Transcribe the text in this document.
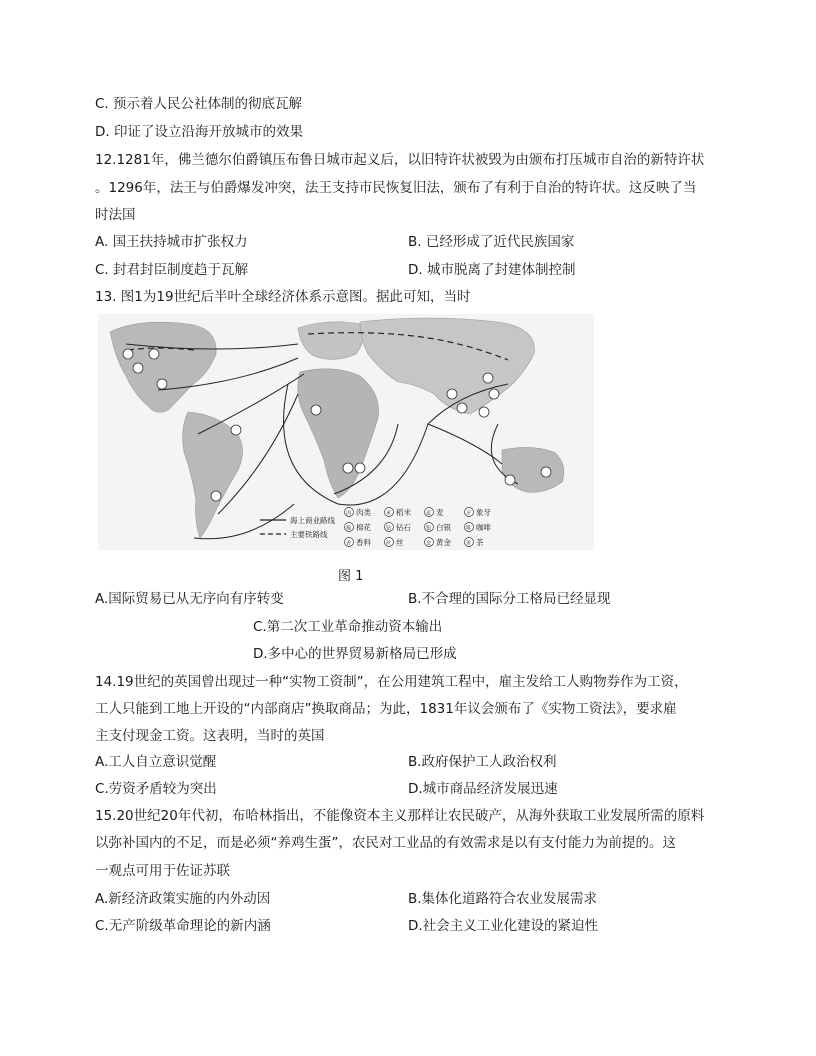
C. 预示着人民公社体制的彻底瓦解
D. 印证了设立沿海开放城市的效果
12.1281年，佛兰德尔伯爵镇压布鲁日城市起义后，以旧特许状被毁为由颁布打压城市自治的新特许状
。1296年，法王与伯爵爆发冲突，法王支持市民恢复旧法，颁布了有利于自治的特许状。这反映了当
时法国
A. 国王扶持城市扩张权力	B. 已经形成了近代民族国家
C. 封君封臣制度趋于瓦解	D. 城市脱离了封建体制控制
13. 图1为19世纪后半叶全球经济体系示意图。据此可知，当时
海上商业路线
主要铁路线
肉 肉类	米 稻米	麦 麦	牙 象牙
棉 棉花	钻 钻石	银 白银	啡 咖啡
香 香料	丝 丝	金 黄金	茶 茶
图 1
A.国际贸易已从无序向有序转变	B.不合理的国际分工格局已经显现
C.第二次工业革命推动资本输出
D.多中心的世界贸易新格局已形成
14.19世纪的英国曾出现过一种“实物工资制”，在公用建筑工程中，雇主发给工人购物券作为工资，
工人只能到工地上开设的“内部商店”换取商品；为此，1831年议会颁布了《实物工资法》，要求雇
主支付现金工资。这表明，当时的英国
A.工人自立意识觉醒	B.政府保护工人政治权利
C.劳资矛盾较为突出	D.城市商品经济发展迅速
15.20世纪20年代初，布哈林指出，不能像资本主义那样让农民破产，从海外获取工业发展所需的原料
以弥补国内的不足，而是必须“养鸡生蛋”，农民对工业品的有效需求是以有支付能力为前提的。这
一观点可用于佐证苏联
A.新经济政策实施的内外动因	B.集体化道路符合农业发展需求
C.无产阶级革命理论的新内涵	D.社会主义工业化建设的紧迫性
